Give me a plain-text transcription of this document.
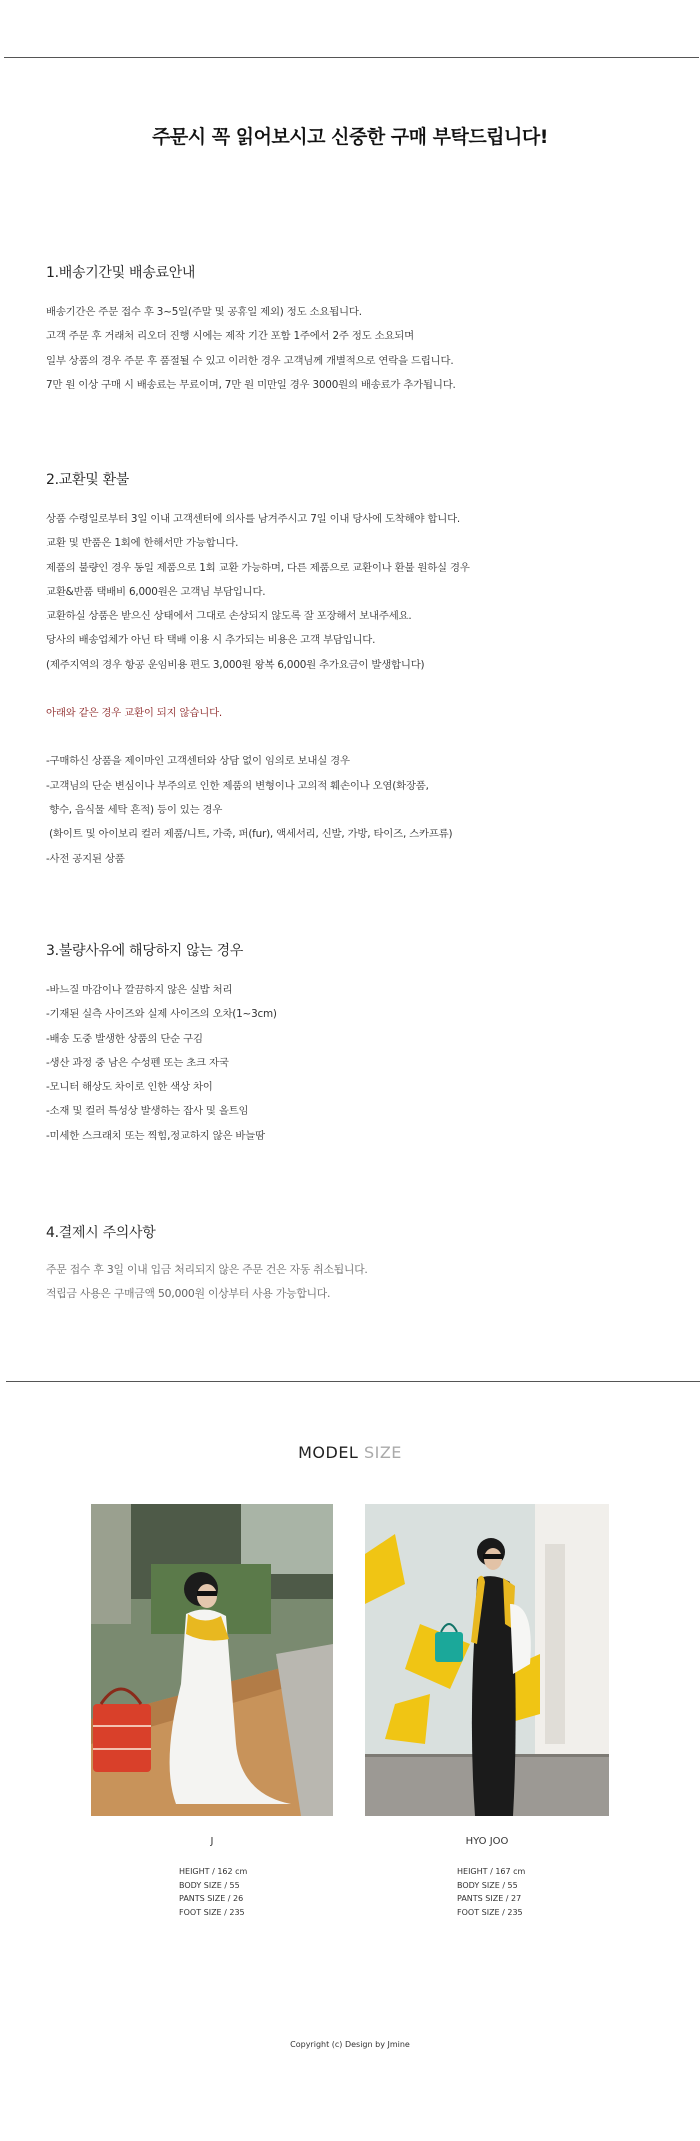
주문시 꼭 읽어보시고 신중한 구매 부탁드립니다!
1.배송기간및 배송료안내
배송기간은 주문 접수 후 3~5일(주말 및 공휴일 제외) 정도 소요됩니다.
고객 주문 후 거래처 리오더 진행 시에는 제작 기간 포함 1주에서 2주 정도 소요되며
일부 상품의 경우 주문 후 품절될 수 있고 이러한 경우 고객님께 개별적으로 연락을 드립니다.
7만 원 이상 구매 시 배송료는 무료이며, 7만 원 미만일 경우 3000원의 배송료가 추가됩니다.
2.교환및 환불
상품 수령일로부터 3일 이내 고객센터에 의사를 남겨주시고 7일 이내 당사에 도착해야 합니다.
교환 및 반품은 1회에 한해서만 가능합니다.
제품의 불량인 경우 동일 제품으로 1회 교환 가능하며, 다른 제품으로 교환이나 환불 원하실 경우
교환&반품 택배비 6,000원은 고객님 부담입니다.
교환하실 상품은 받으신 상태에서 그대로 손상되지 않도록 잘 포장해서 보내주세요.
당사의 배송업체가 아닌 타 택배 이용 시 추가되는 비용은 고객 부담입니다.
(제주지역의 경우 항공 운임비용 편도 3,000원 왕복 6,000원 추가요금이 발생합니다)
아래와 같은 경우 교환이 되지 않습니다.
-구매하신 상품을 제이마인 고객센터와 상담 없이 임의로 보내실 경우
-고객님의 단순 변심이나 부주의로 인한 제품의 변형이나 고의적 훼손이나 오염(화장품,
향수, 음식물 세탁 흔적) 등이 있는 경우
(화이트 및 아이보리 컬러 제품/니트, 가죽, 퍼(fur), 액세서리, 신발, 가방, 타이즈, 스카프류)
-사전 공지된 상품
3.불량사유에 해당하지 않는 경우
-바느질 마감이나 깔끔하지 않은 실밥 처리
-기재된 실측 사이즈와 실제 사이즈의 오차(1~3cm)
-배송 도중 발생한 상품의 단순 구김
-생산 과정 중 남은 수성펜 또는 초크 자국
-모니터 해상도 차이로 인한 색상 차이
-소재 및 컬러 특성상 발생하는 잡사 및 올트임
-미세한 스크래치 또는 찍힘,정교하지 않은 바늘땀
4.결제시 주의사항
주문 접수 후 3일 이내 입금 처리되지 않은 주문 건은 자동 취소됩니다.
적립금 사용은 구매금액 50,000원 이상부터 사용 가능합니다.
MODEL SIZE
J
HEIGHT / 162 cm
BODY SIZE / 55
PANTS SIZE / 26
FOOT SIZE / 235
HYO JOO
HEIGHT / 167 cm
BODY SIZE / 55
PANTS SIZE / 27
FOOT SIZE / 235
Copyright (c) Design by Jmine
